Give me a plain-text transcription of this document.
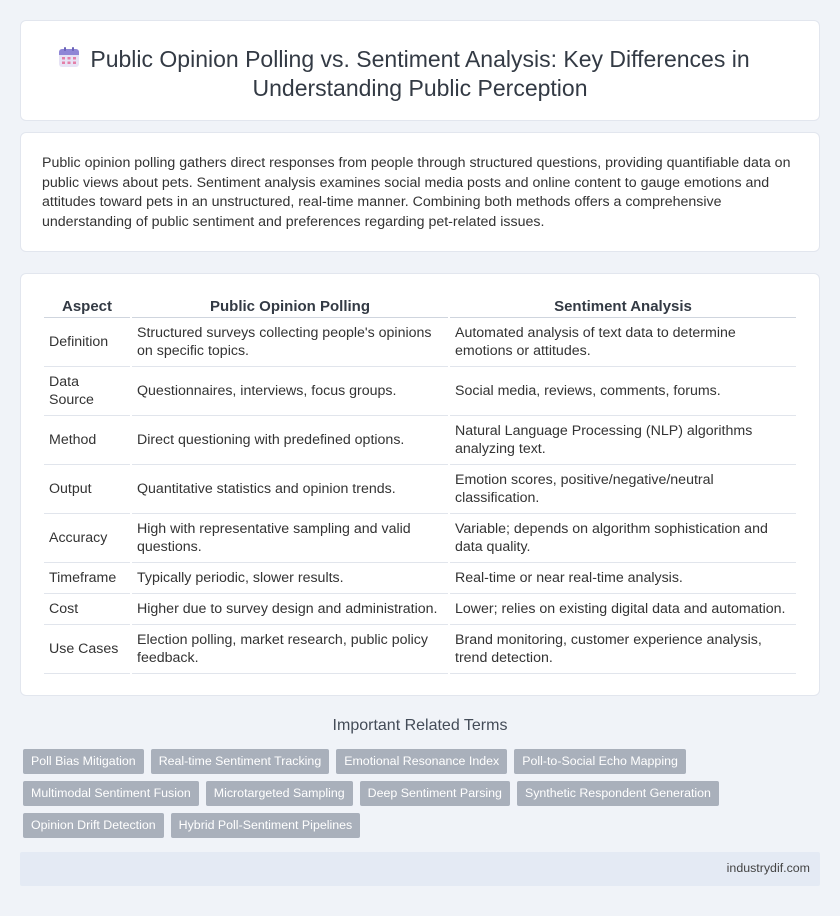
Public Opinion Polling vs. Sentiment Analysis: Key Differences in Understanding Public Perception

Public opinion polling gathers direct responses from people through structured questions, providing quantifiable data on public views about pets. Sentiment analysis examines social media posts and online content to gauge emotions and attitudes toward pets in an unstructured, real-time manner. Combining both methods offers a comprehensive understanding of public sentiment and preferences regarding pet-related issues.

Aspect	Public Opinion Polling	Sentiment Analysis
Definition	Structured surveys collecting people's opinions on specific topics.	Automated analysis of text data to determine emotions or attitudes.
Data Source	Questionnaires, interviews, focus groups.	Social media, reviews, comments, forums.
Method	Direct questioning with predefined options.	Natural Language Processing (NLP) algorithms analyzing text.
Output	Quantitative statistics and opinion trends.	Emotion scores, positive/negative/neutral classification.
Accuracy	High with representative sampling and valid questions.	Variable; depends on algorithm sophistication and data quality.
Timeframe	Typically periodic, slower results.	Real-time or near real-time analysis.
Cost	Higher due to survey design and administration.	Lower; relies on existing digital data and automation.
Use Cases	Election polling, market research, public policy feedback.	Brand monitoring, customer experience analysis, trend detection.
Important Related Terms
Poll Bias Mitigation	Real-time Sentiment Tracking	Emotional Resonance Index	Poll-to-Social Echo Mapping
Multimodal Sentiment Fusion	Microtargeted Sampling	Deep Sentiment Parsing	Synthetic Respondent Generation
Opinion Drift Detection	Hybrid Poll-Sentiment Pipelines
industrydif.com
